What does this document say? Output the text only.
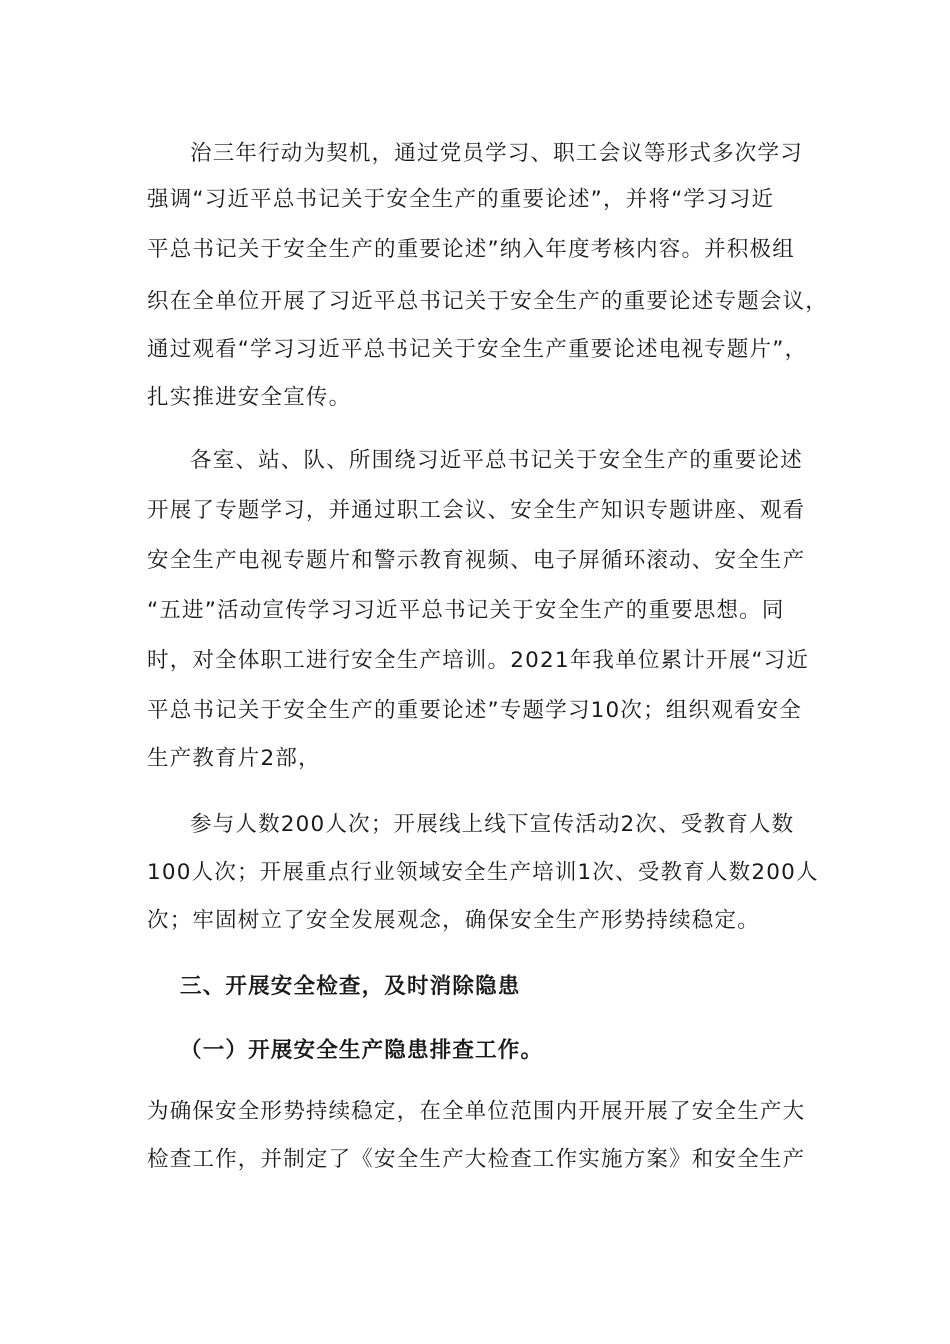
治三年行动为契机，通过党员学习、职工会议等形式多次学习
强调“习近平总书记关于安全生产的重要论述”，并将“学习习近
平总书记关于安全生产的重要论述”纳入年度考核内容。并积极组
织在全单位开展了习近平总书记关于安全生产的重要论述专题会议，
通过观看“学习习近平总书记关于安全生产重要论述电视专题片”，
扎实推进安全宣传。
各室、站、队、所围绕习近平总书记关于安全生产的重要论述
开展了专题学习，并通过职工会议、安全生产知识专题讲座、观看
安全生产电视专题片和警示教育视频、电子屏循环滚动、安全生产
“五进”活动宣传学习习近平总书记关于安全生产的重要思想。同
时，对全体职工进行安全生产培训。2021年我单位累计开展“习近
平总书记关于安全生产的重要论述”专题学习10次；组织观看安全
生产教育片2部，
参与人数200人次；开展线上线下宣传活动2次、受教育人数
100人次；开展重点行业领域安全生产培训1次、受教育人数200人
次；牢固树立了安全发展观念，确保安全生产形势持续稳定。
三、开展安全检查，及时消除隐患
（一）开展安全生产隐患排查工作。
为确保安全形势持续稳定，在全单位范围内开展开展了安全生产大
检查工作，并制定了《安全生产大检查工作实施方案》和安全生产
